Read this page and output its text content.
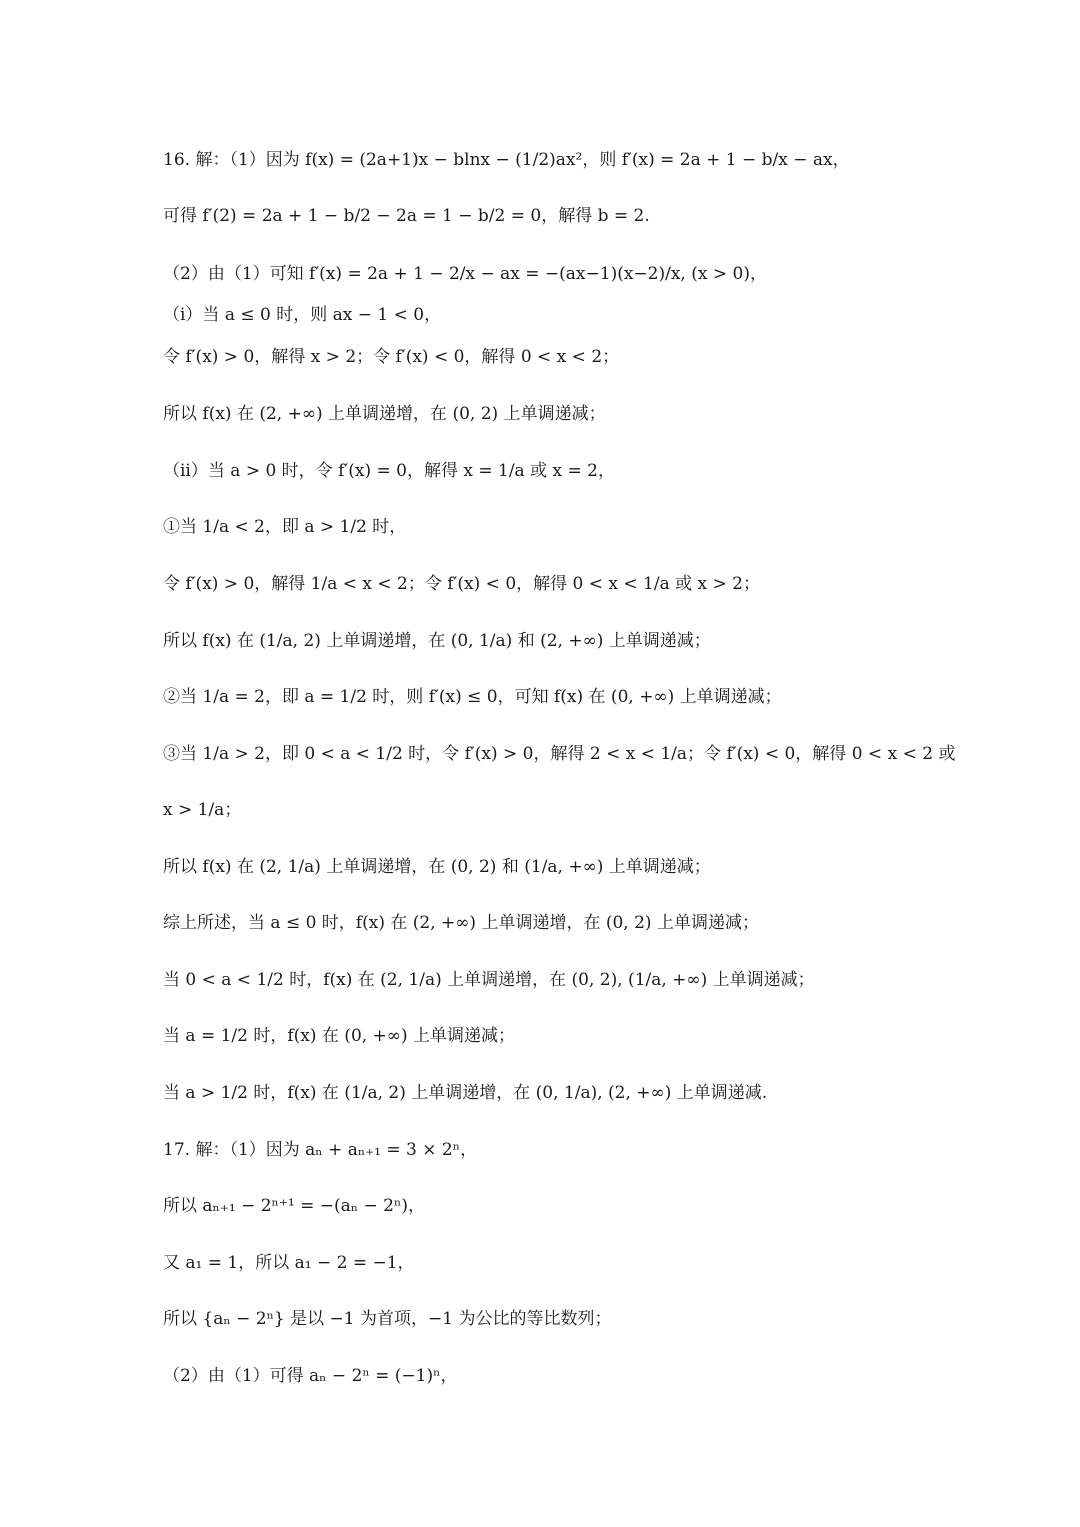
16. 解：（1）因为 f(x) = (2a+1)x − blnx − (1/2)ax²，则 f′(x) = 2a + 1 − b/x − ax，
可得 f′(2) = 2a + 1 − b/2 − 2a = 1 − b/2 = 0，解得 b = 2.
（2）由（1）可知 f′(x) = 2a + 1 − 2/x − ax = −(ax−1)(x−2)/x, (x > 0)，
（i）当 a ≤ 0 时，则 ax − 1 < 0，
令 f′(x) > 0，解得 x > 2；令 f′(x) < 0，解得 0 < x < 2；
所以 f(x) 在 (2, +∞) 上单调递增，在 (0, 2) 上单调递减；
（ii）当 a > 0 时，令 f′(x) = 0，解得 x = 1/a 或 x = 2，
①当 1/a < 2，即 a > 1/2 时，
令 f′(x) > 0，解得 1/a < x < 2；令 f′(x) < 0，解得 0 < x < 1/a 或 x > 2；
所以 f(x) 在 (1/a, 2) 上单调递增，在 (0, 1/a) 和 (2, +∞) 上单调递减；
②当 1/a = 2，即 a = 1/2 时，则 f′(x) ≤ 0，可知 f(x) 在 (0, +∞) 上单调递减；
③当 1/a > 2，即 0 < a < 1/2 时，令 f′(x) > 0，解得 2 < x < 1/a；令 f′(x) < 0，解得 0 < x < 2 或
x > 1/a；
所以 f(x) 在 (2, 1/a) 上单调递增，在 (0, 2) 和 (1/a, +∞) 上单调递减；
综上所述，当 a ≤ 0 时，f(x) 在 (2, +∞) 上单调递增，在 (0, 2) 上单调递减；
当 0 < a < 1/2 时，f(x) 在 (2, 1/a) 上单调递增，在 (0, 2), (1/a, +∞) 上单调递减；
当 a = 1/2 时，f(x) 在 (0, +∞) 上单调递减；
当 a > 1/2 时，f(x) 在 (1/a, 2) 上单调递增，在 (0, 1/a), (2, +∞) 上单调递减.
17. 解：（1）因为 aₙ + aₙ₊₁ = 3 × 2ⁿ，
所以 aₙ₊₁ − 2ⁿ⁺¹ = −(aₙ − 2ⁿ)，
又 a₁ = 1，所以 a₁ − 2 = −1，
所以 {aₙ − 2ⁿ} 是以 −1 为首项，−1 为公比的等比数列；
（2）由（1）可得 aₙ − 2ⁿ = (−1)ⁿ，
